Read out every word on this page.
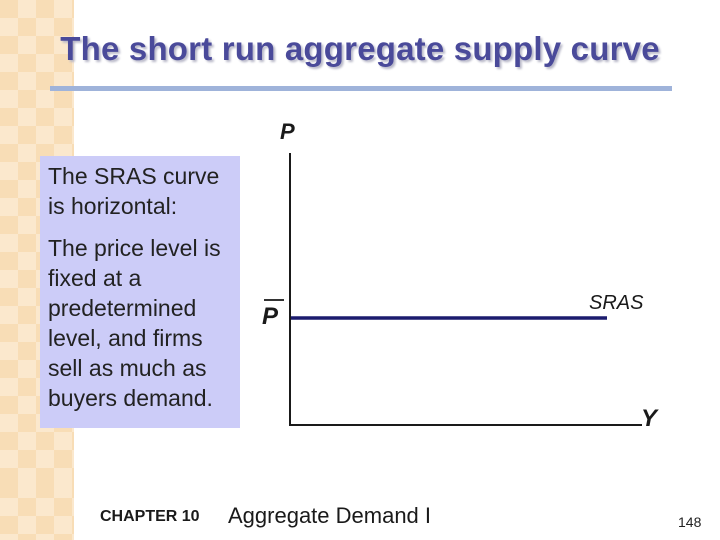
The short run aggregate supply curve

The SRAS curve is horizontal:

The price level is fixed at a predetermined level, and firms sell as much as buyers demand.

P
P
Y
SRAS
CHAPTER 10 Aggregate Demand I	148
